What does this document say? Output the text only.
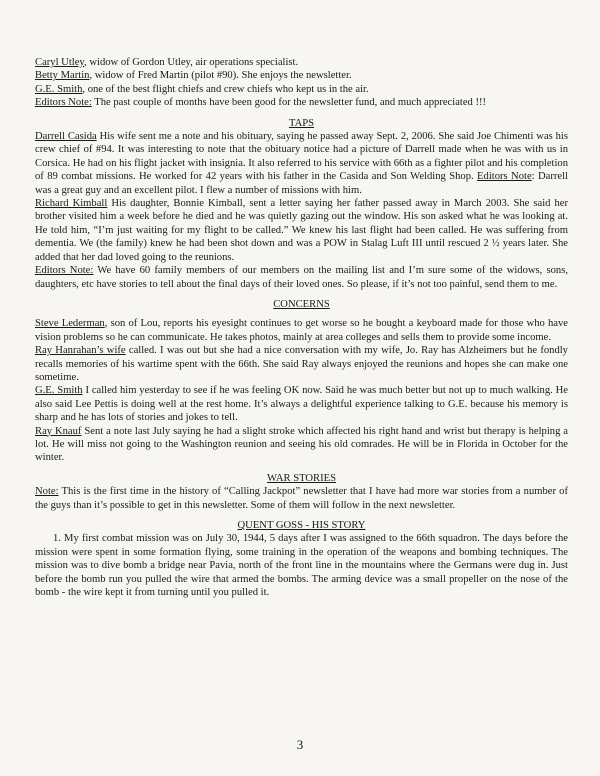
Caryl Utley, widow of Gordon Utley, air operations specialist.

Betty Martin, widow of Fred Martin (pilot #90). She enjoys the newsletter.

G.E. Smith, one of the best flight chiefs and crew chiefs who kept us in the air.

Editors Note: The past couple of months have been good for the newsletter fund, and much appreciated !!!

TAPS

Darrell Casida His wife sent me a note and his obituary, saying he passed away Sept. 2, 2006. She said Joe Chimenti was his crew chief of #94. It was interesting to note that the obituary notice had a picture of Darrell made when he was with us in Corsica. He had on his flight jacket with insignia. It also referred to his service with 66th as a fighter pilot and his completion of 89 combat missions. He worked for 42 years with his father in the Casida and Son Welding Shop. Editors Note: Darrell was a great guy and an excellent pilot. I flew a number of missions with him.

Richard Kimball His daughter, Bonnie Kimball, sent a letter saying her father passed away in March 2003. She said her brother visited him a week before he died and he was quietly gazing out the window. His son asked what he was looking at. He told him, “I’m just waiting for my flight to be called.” We knew his last flight had been called. He was suffering from dementia. We (the family) knew he had been shot down and was a POW in Stalag Luft III until rescued 2 ½ years later. She added that her dad loved going to the reunions.

Editors Note: We have 60 family members of our members on the mailing list and I’m sure some of the widows, sons, daughters, etc have stories to tell about the final days of their loved ones. So please, if it’s not too painful, send them to me.

CONCERNS

Steve Lederman, son of Lou, reports his eyesight continues to get worse so he bought a keyboard made for those who have vision problems so he can communicate. He takes photos, mainly at area colleges and sells them to provide some income.

Ray Hanrahan’s wife called. I was out but she had a nice conversation with my wife, Jo. Ray has Alzheimers but he fondly recalls memories of his wartime spent with the 66th. She said Ray always enjoyed the reunions and hopes she can make one sometime.

G.E. Smith I called him yesterday to see if he was feeling OK now. Said he was much better but not up to much walking. He also said Lee Pettis is doing well at the rest home. It’s always a delightful experience talking to G.E. because his memory is sharp and he has lots of stories and jokes to tell.

Ray Knauf Sent a note last July saying he had a slight stroke which affected his right hand and wrist but therapy is helping a lot. He will miss not going to the Washington reunion and seeing his old comrades. He will be in Florida in October for the winter.

WAR STORIES

Note: This is the first time in the history of “Calling Jackpot” newsletter that I have had more war stories from a number of the guys than it’s possible to get in this newsletter. Some of them will follow in the next newsletter.

QUENT GOSS - HIS STORY

1. My first combat mission was on July 30, 1944, 5 days after I was assigned to the 66th squadron. The days before the mission were spent in some formation flying, some training in the operation of the weapons and bombing techniques. The mission was to dive bomb a bridge near Pavia, north of the front line in the mountains where the Germans were dug in. Just before the bomb run you pulled the wire that armed the bombs. The arming device was a small propeller on the nose of the bomb - the wire kept it from turning until you pulled it.

3
